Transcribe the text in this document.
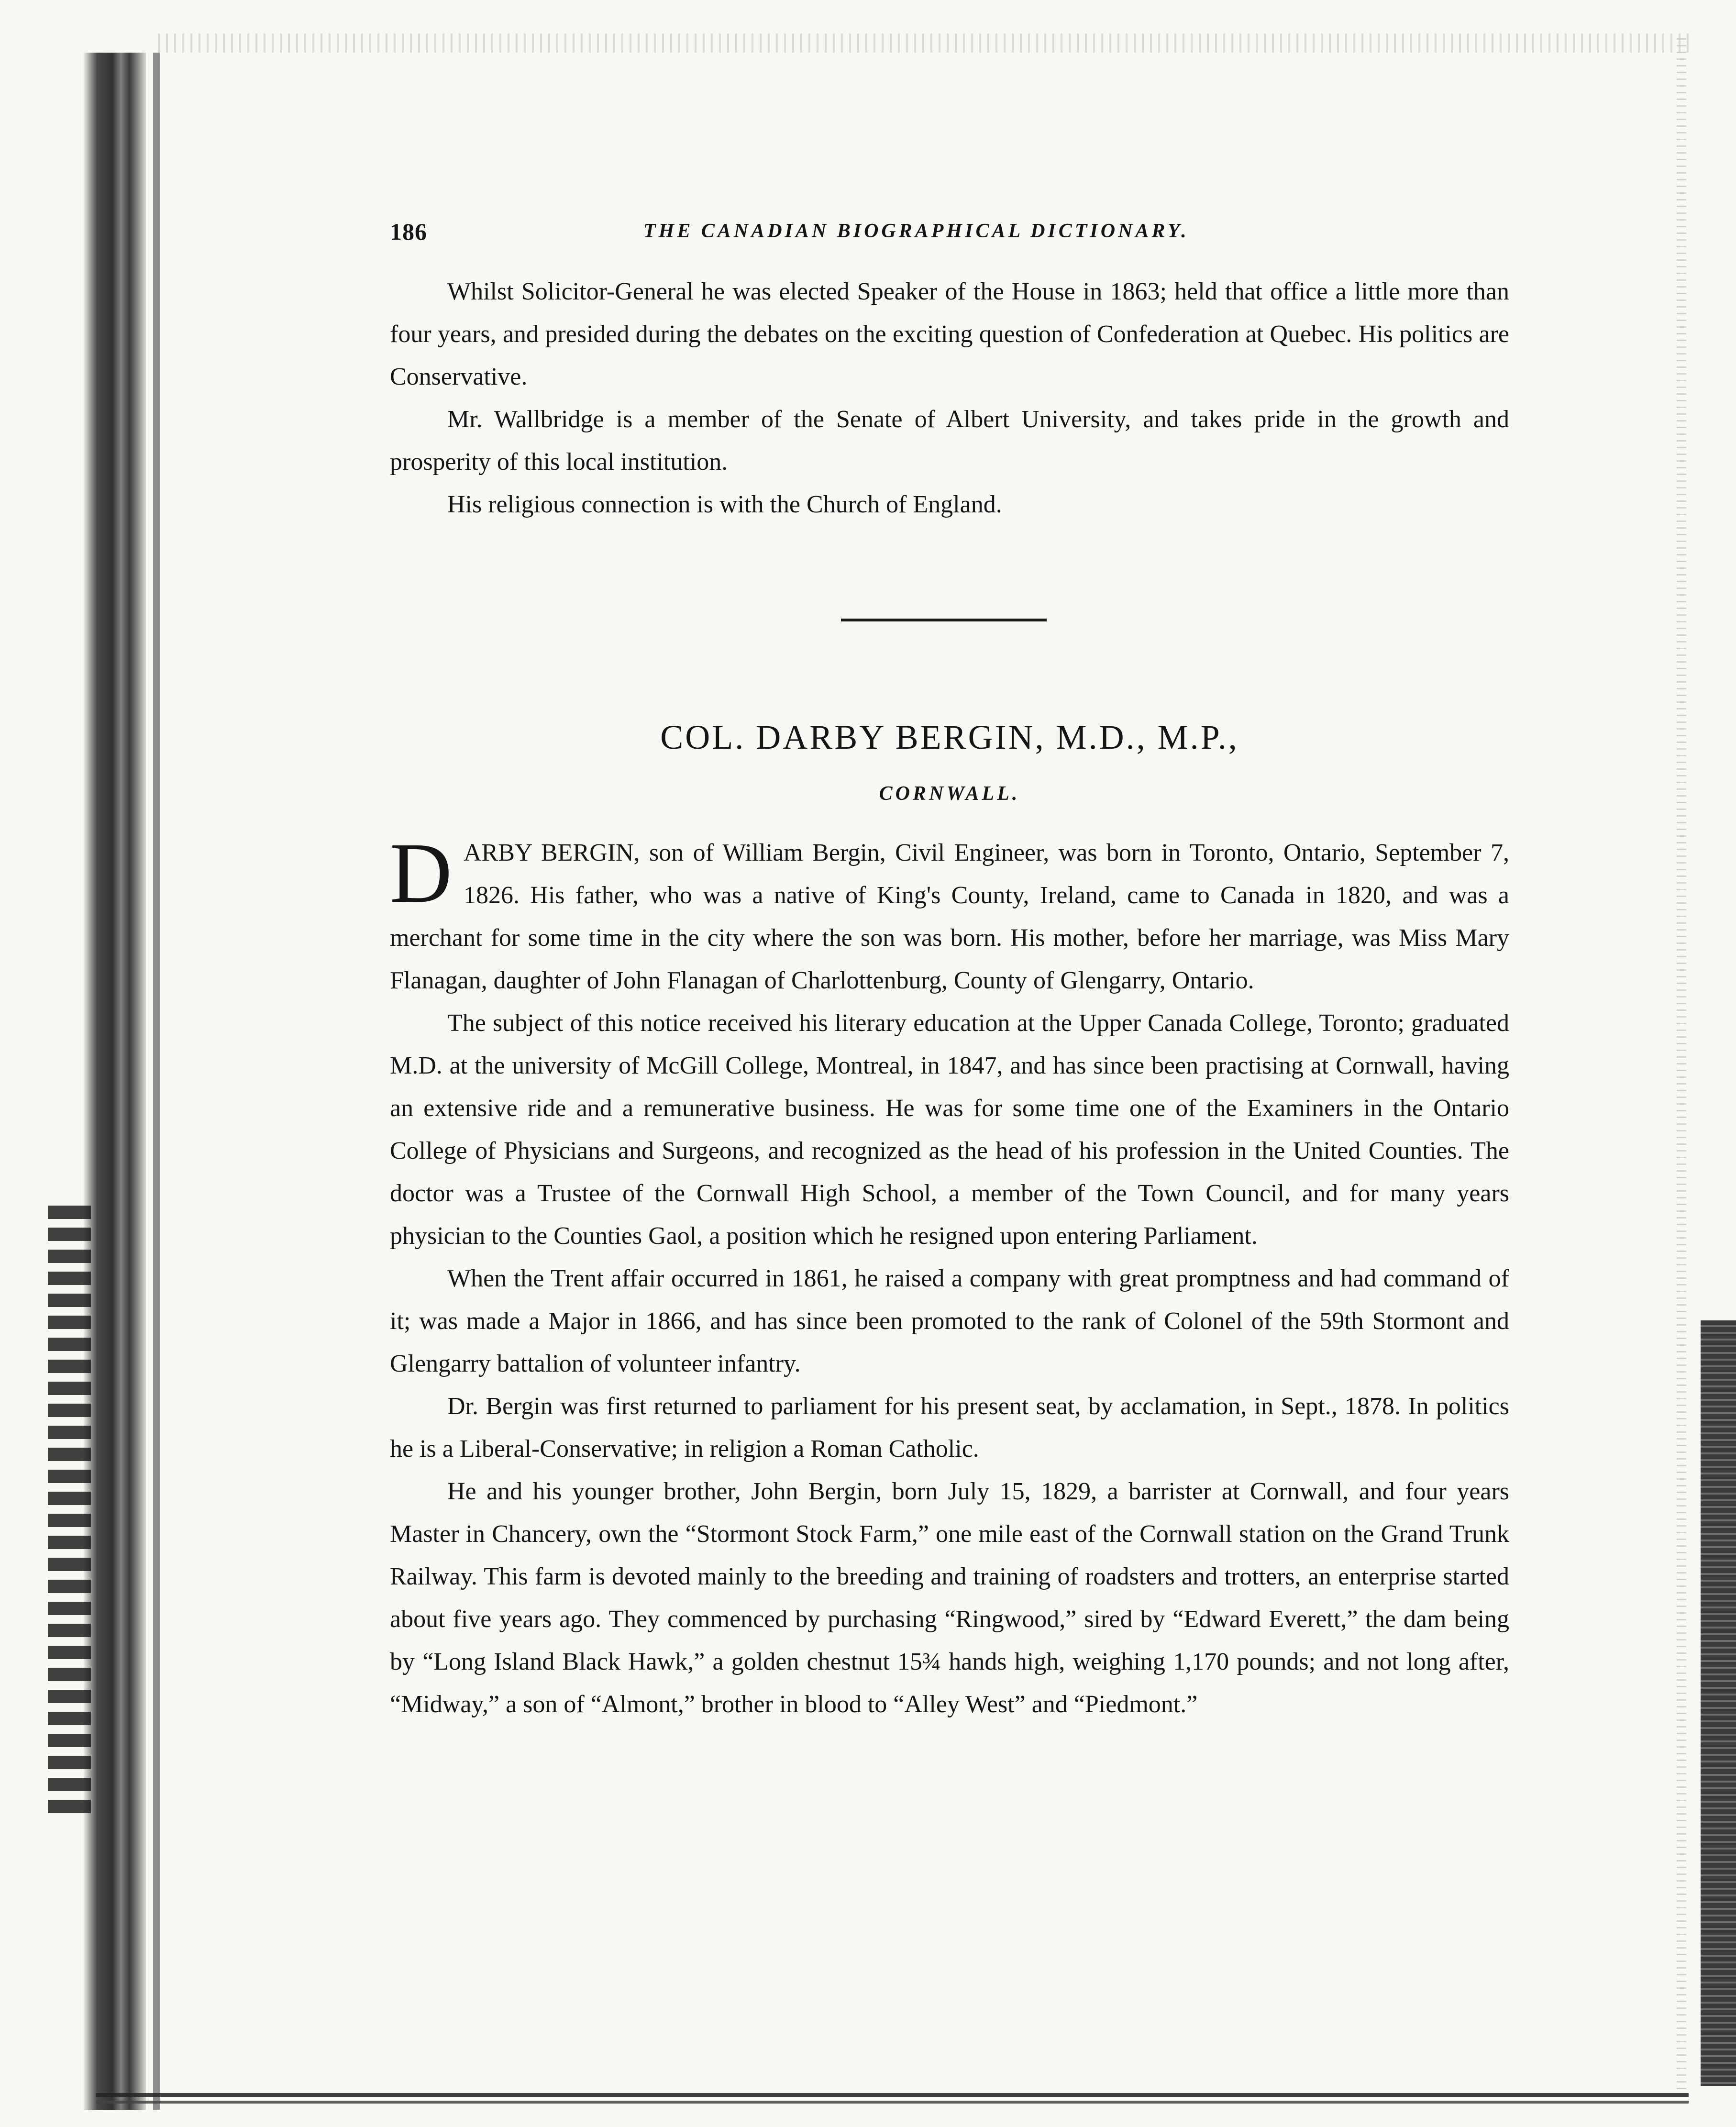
186	THE CANADIAN BIOGRAPHICAL DICTIONARY.

Whilst Solicitor-General he was elected Speaker of the House in 1863; held that office a little more than four years, and presided during the debates on the exciting question of Confederation at Quebec. His politics are Conservative.

Mr. Wallbridge is a member of the Senate of Albert University, and takes pride in the growth and prosperity of this local institution.

His religious connection is with the Church of England.

COL. DARBY BERGIN, M.D., M.P.,
CORNWALL.

DARBY BERGIN, son of William Bergin, Civil Engineer, was born in Toronto, Ontario, September 7, 1826. His father, who was a native of King's County, Ireland, came to Canada in 1820, and was a merchant for some time in the city where the son was born. His mother, before her marriage, was Miss Mary Flanagan, daughter of John Flanagan of Charlottenburg, County of Glengarry, Ontario.

The subject of this notice received his literary education at the Upper Canada College, Toronto; graduated M.D. at the university of McGill College, Montreal, in 1847, and has since been practising at Cornwall, having an extensive ride and a remunerative business. He was for some time one of the Examiners in the Ontario College of Physicians and Surgeons, and recognized as the head of his profession in the United Counties. The doctor was a Trustee of the Cornwall High School, a member of the Town Council, and for many years physician to the Counties Gaol, a position which he resigned upon entering Parliament.

When the Trent affair occurred in 1861, he raised a company with great promptness and had command of it; was made a Major in 1866, and has since been promoted to the rank of Colonel of the 59th Stormont and Glengarry battalion of volunteer infantry.

Dr. Bergin was first returned to parliament for his present seat, by acclamation, in Sept., 1878. In politics he is a Liberal-Conservative; in religion a Roman Catholic.

He and his younger brother, John Bergin, born July 15, 1829, a barrister at Cornwall, and four years Master in Chancery, own the “Stormont Stock Farm,” one mile east of the Cornwall station on the Grand Trunk Railway. This farm is devoted mainly to the breeding and training of roadsters and trotters, an enterprise started about five years ago. They commenced by purchasing “Ringwood,” sired by “Edward Everett,” the dam being by “Long Island Black Hawk,” a golden chestnut 15¾ hands high, weighing 1,170 pounds; and not long after, “Midway,” a son of “Almont,” brother in blood to “Alley West” and “Piedmont.”
